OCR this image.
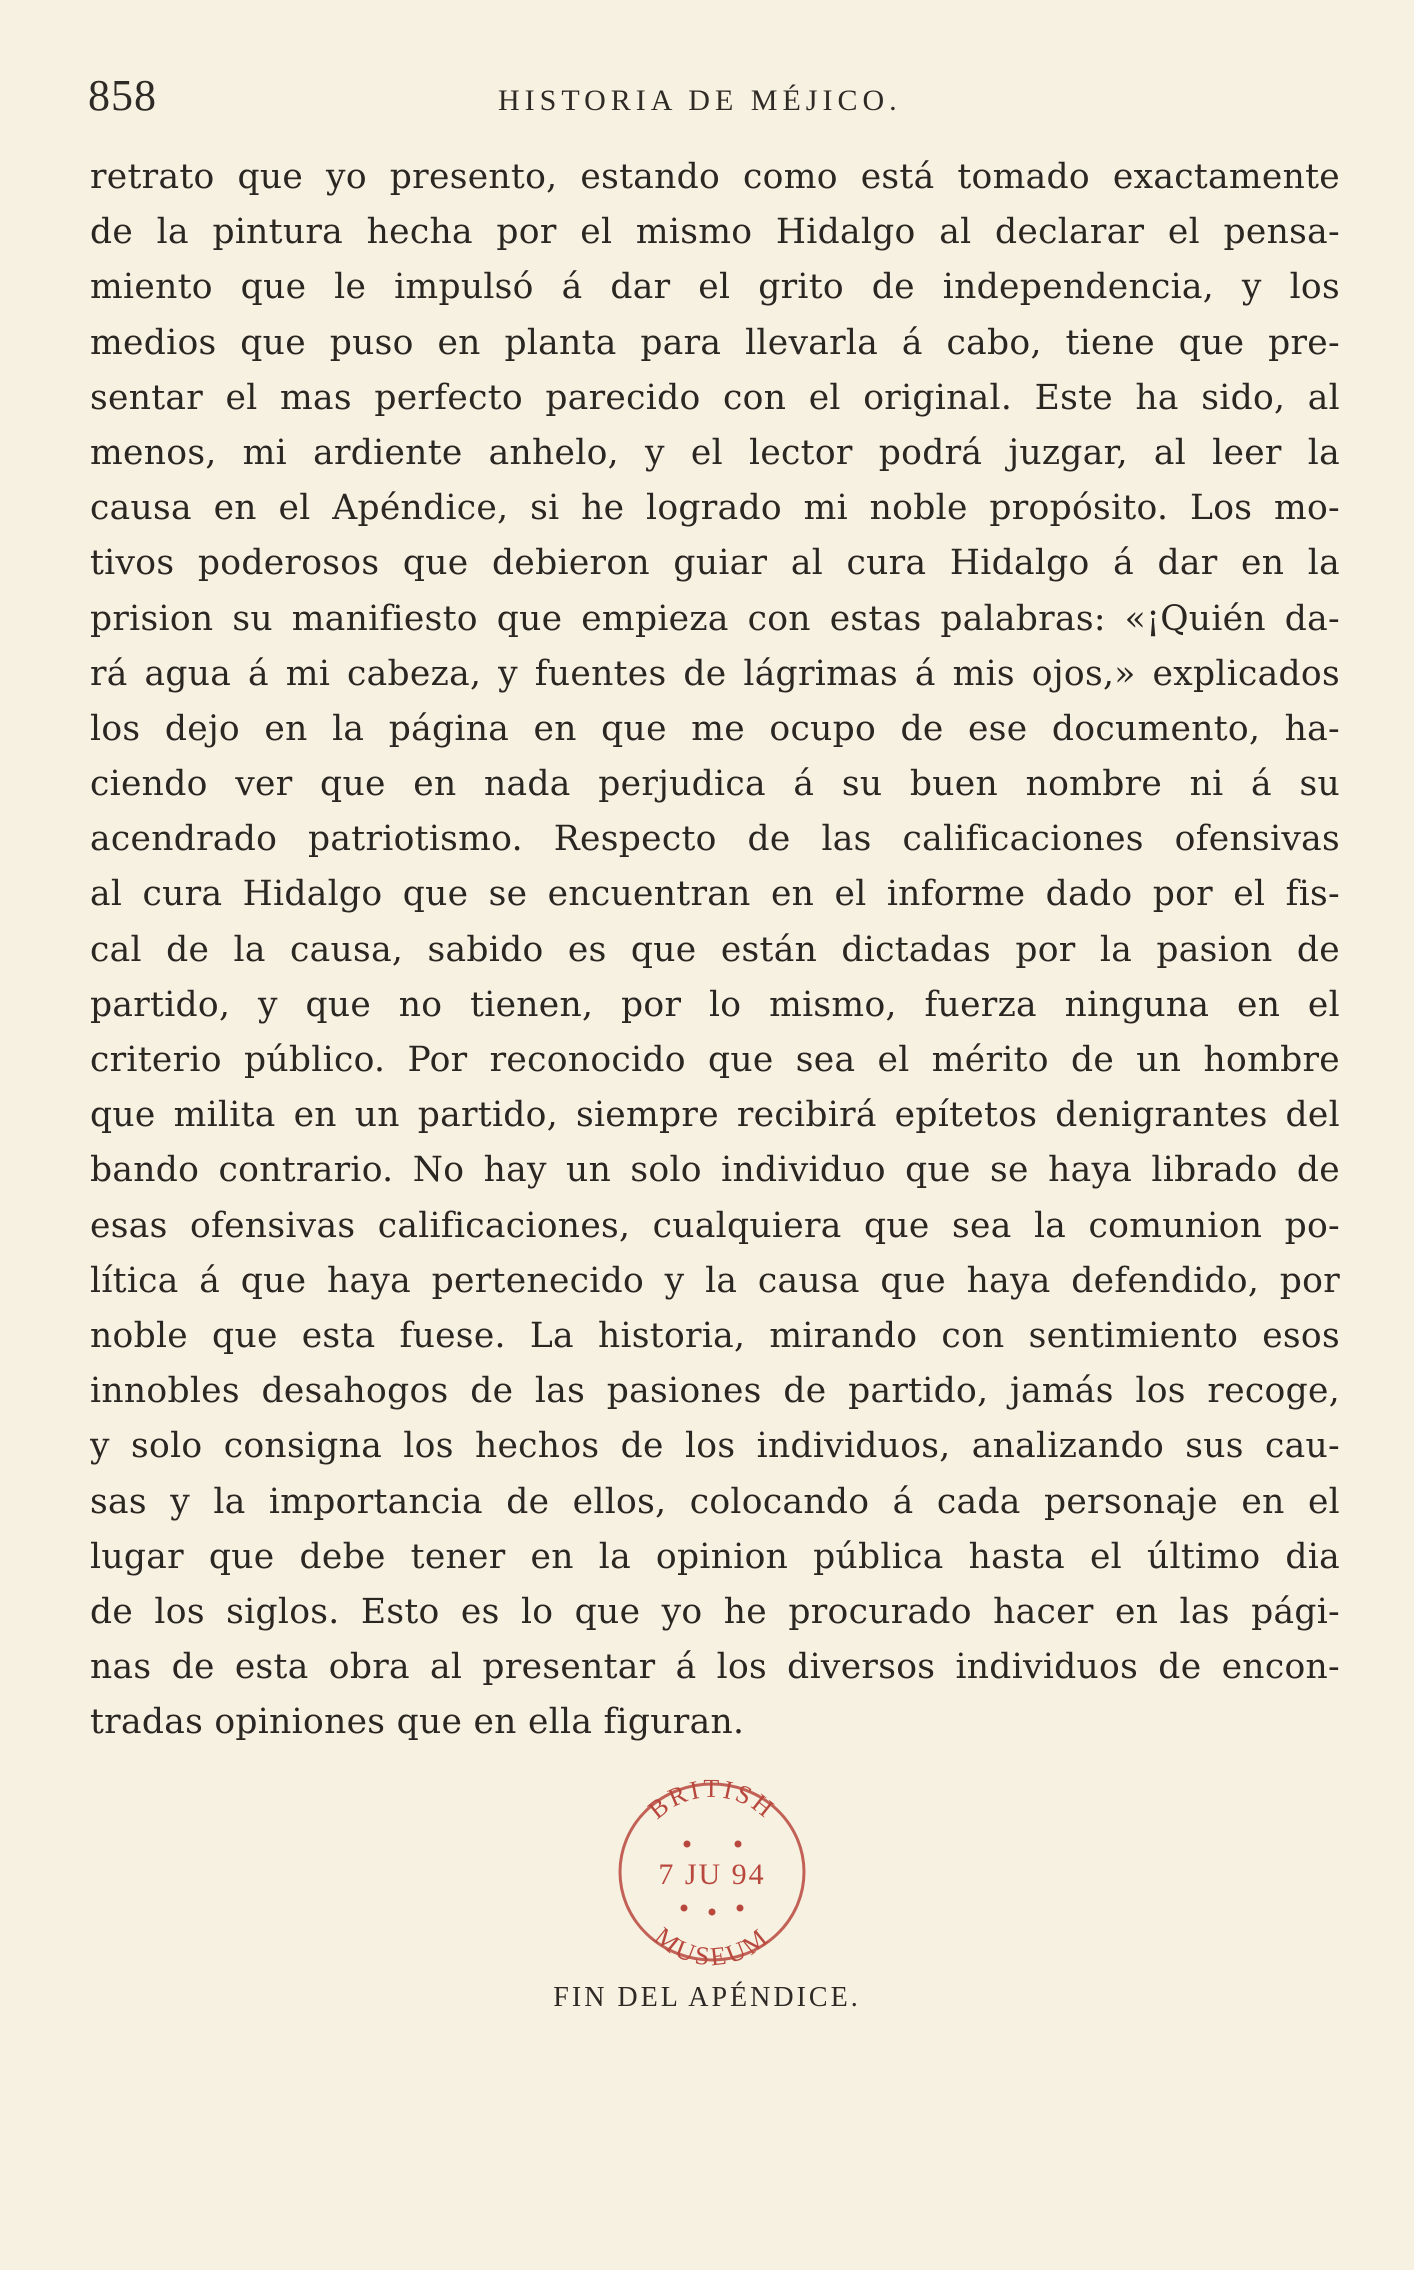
858	HISTORIA DE MÉJICO.
retrato que yo presento, estando como está tomado exactamente
de la pintura hecha por el mismo Hidalgo al declarar el pensa-
miento que le impulsó á dar el grito de independencia, y los
medios que puso en planta para llevarla á cabo, tiene que pre-
sentar el mas perfecto parecido con el original. Este ha sido, al
menos, mi ardiente anhelo, y el lector podrá juzgar, al leer la
causa en el Apéndice, si he logrado mi noble propósito. Los mo-
tivos poderosos que debieron guiar al cura Hidalgo á dar en la
prision su manifiesto que empieza con estas palabras: «¡Quién da-
rá agua á mi cabeza, y fuentes de lágrimas á mis ojos,» explicados
los dejo en la página en que me ocupo de ese documento, ha-
ciendo ver que en nada perjudica á su buen nombre ni á su
acendrado patriotismo. Respecto de las calificaciones ofensivas
al cura Hidalgo que se encuentran en el informe dado por el fis-
cal de la causa, sabido es que están dictadas por la pasion de
partido, y que no tienen, por lo mismo, fuerza ninguna en el
criterio público. Por reconocido que sea el mérito de un hombre
que milita en un partido, siempre recibirá epítetos denigrantes del
bando contrario. No hay un solo individuo que se haya librado de
esas ofensivas calificaciones, cualquiera que sea la comunion po-
lítica á que haya pertenecido y la causa que haya defendido, por
noble que esta fuese. La historia, mirando con sentimiento esos
innobles desahogos de las pasiones de partido, jamás los recoge,
y solo consigna los hechos de los individuos, analizando sus cau-
sas y la importancia de ellos, colocando á cada personaje en el
lugar que debe tener en la opinion pública hasta el último dia
de los siglos. Esto es lo que yo he procurado hacer en las pági-
nas de esta obra al presentar á los diversos individuos de encon-
tradas opiniones que en ella figuran.
BRITISH
7 JU 94
MUSEUM
FIN DEL APÉNDICE.
